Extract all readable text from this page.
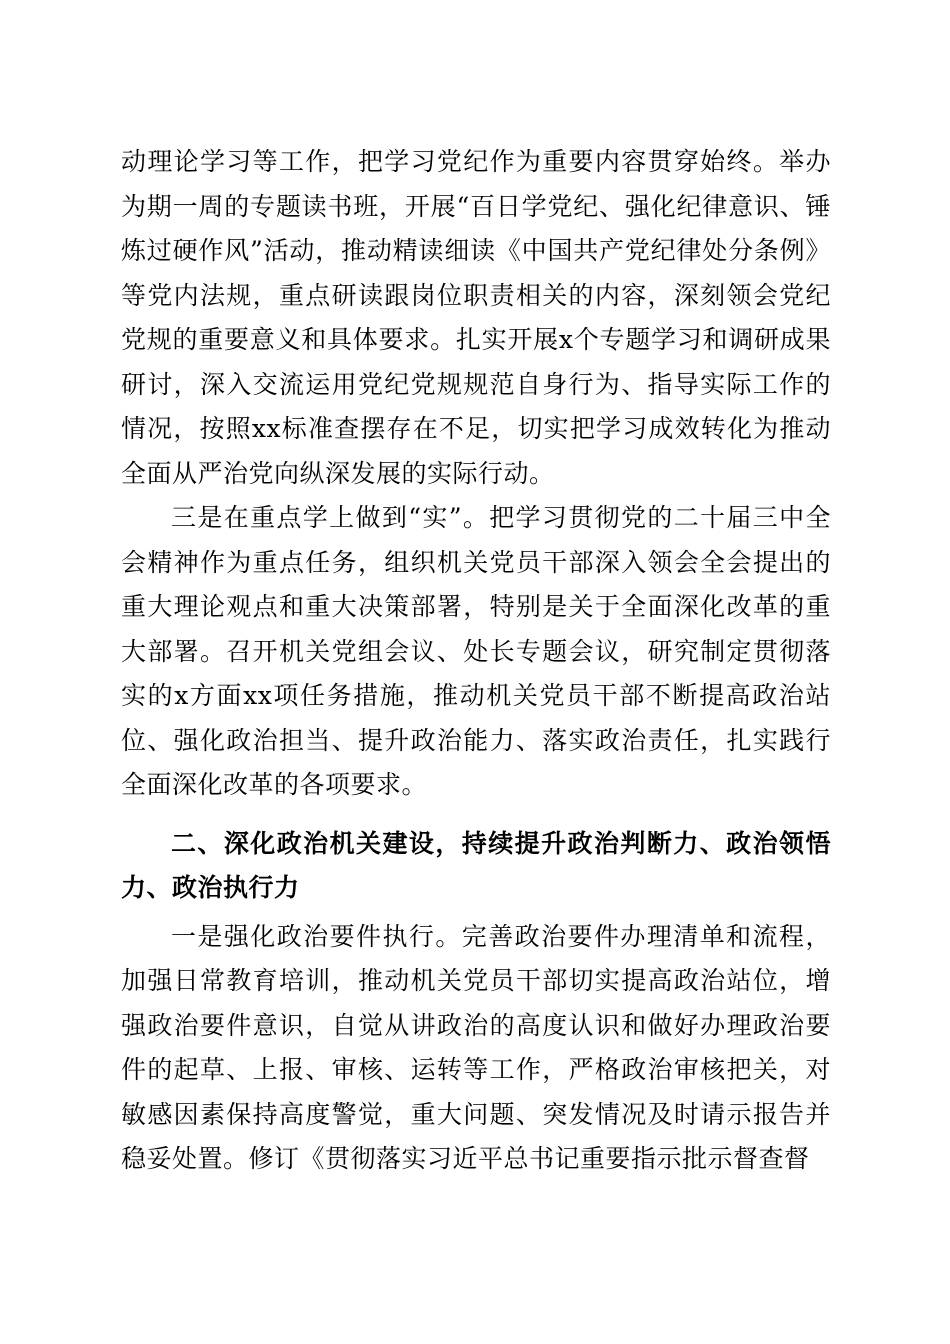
动理论学习等工作，把学习党纪作为重要内容贯穿始终。举办为期一周的专题读书班，开展“百日学党纪、强化纪律意识、锤炼过硬作风”活动，推动精读细读《中国共产党纪律处分条例》等党内法规，重点研读跟岗位职责相关的内容，深刻领会党纪党规的重要意义和具体要求。扎实开展x个专题学习和调研成果研讨，深入交流运用党纪党规规范自身行为、指导实际工作的情况，按照xx标准查摆存在不足，切实把学习成效转化为推动全面从严治党向纵深发展的实际行动。

三是在重点学上做到“实”。把学习贯彻党的二十届三中全会精神作为重点任务，组织机关党员干部深入领会全会提出的重大理论观点和重大决策部署，特别是关于全面深化改革的重大部署。召开机关党组会议、处长专题会议，研究制定贯彻落实的x方面xx项任务措施，推动机关党员干部不断提高政治站位、强化政治担当、提升政治能力、落实政治责任，扎实践行全面深化改革的各项要求。

二、深化政治机关建设，持续提升政治判断力、政治领悟力、政治执行力

一是强化政治要件执行。完善政治要件办理清单和流程，加强日常教育培训，推动机关党员干部切实提高政治站位，增强政治要件意识，自觉从讲政治的高度认识和做好办理政治要件的起草、上报、审核、运转等工作，严格政治审核把关，对敏感因素保持高度警觉，重大问题、突发情况及时请示报告并稳妥处置。修订《贯彻落实习近平总书记重要指示批示督查督
